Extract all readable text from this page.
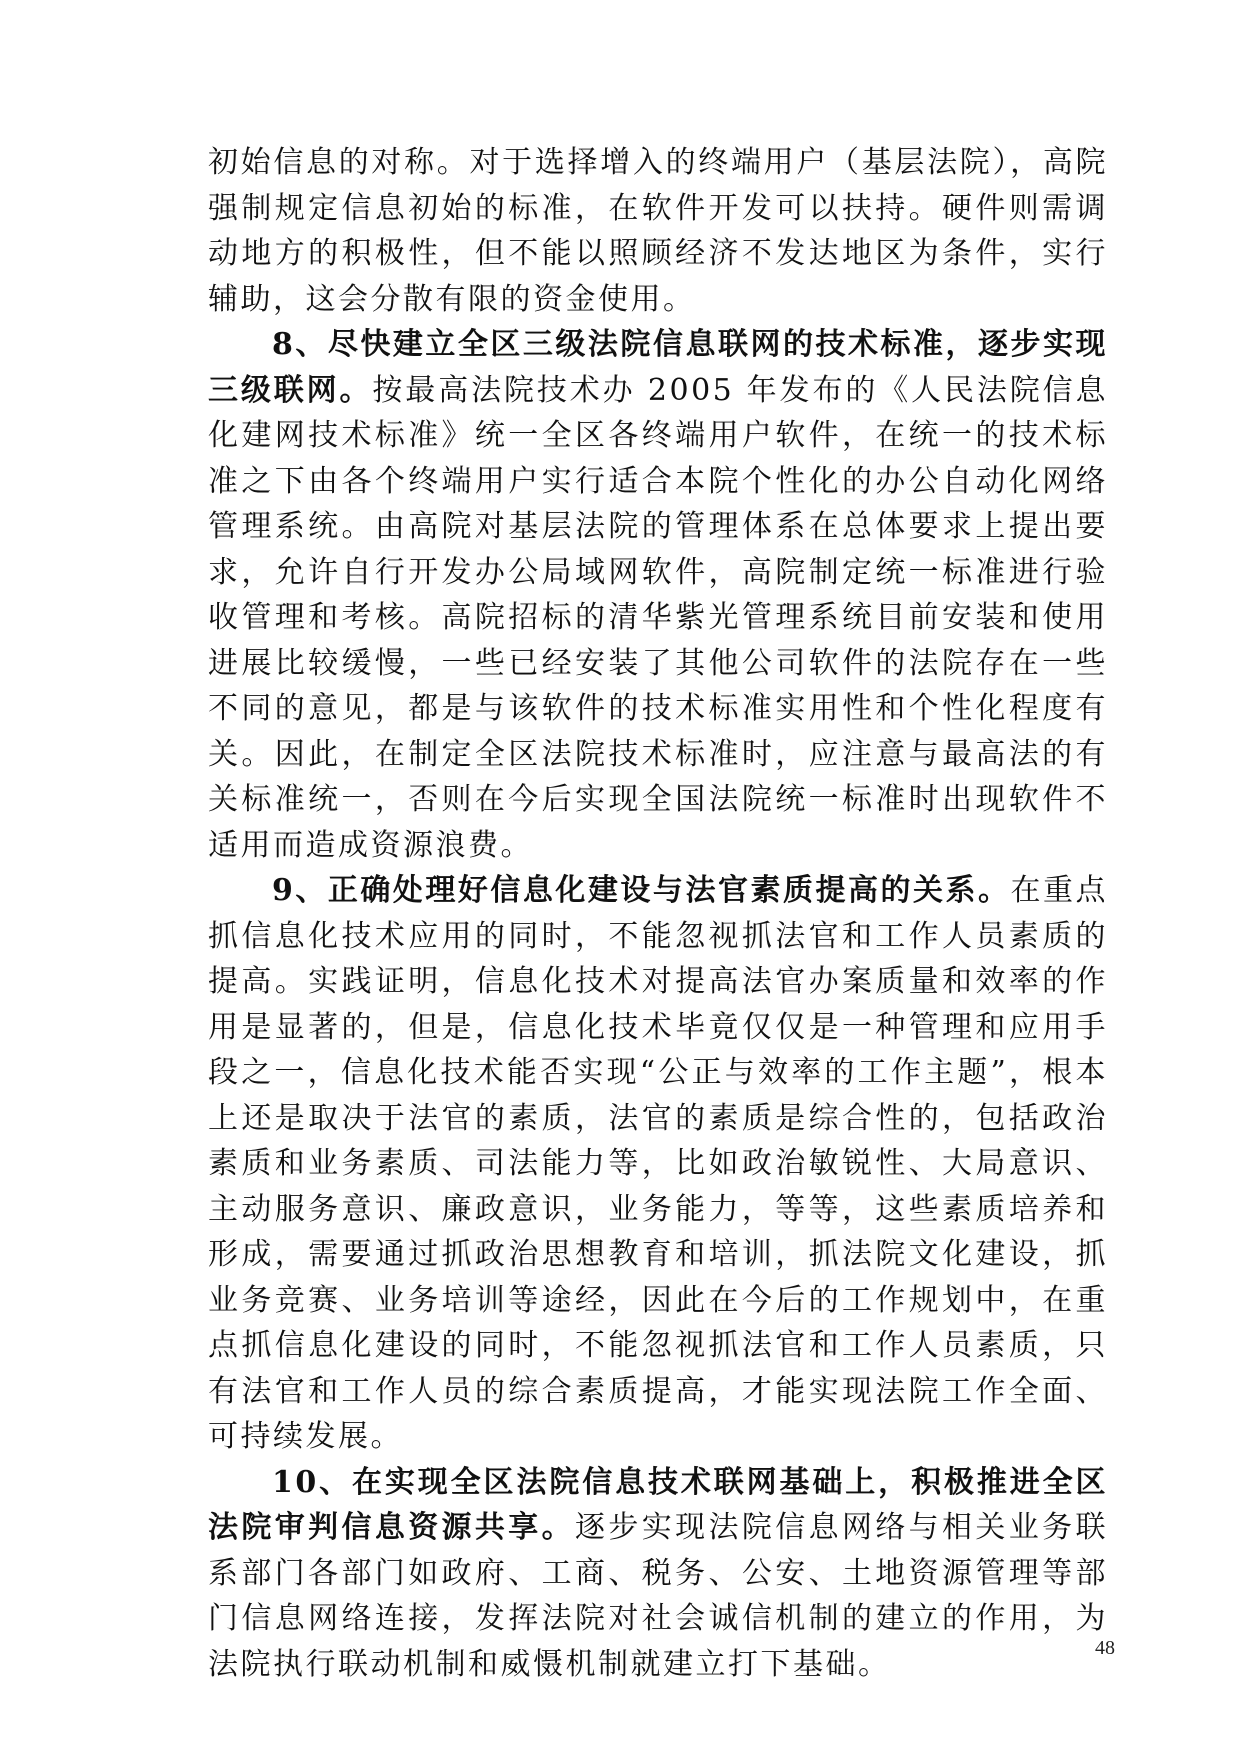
初始信息的对称。对于选择增入的终端用户（基层法院），高院强制规定信息初始的标准，在软件开发可以扶持。硬件则需调动地方的积极性，但不能以照顾经济不发达地区为条件，实行辅助，这会分散有限的资金使用。

8、尽快建立全区三级法院信息联网的技术标准，逐步实现三级联网。按最高法院技术办 2005 年发布的《人民法院信息化建网技术标准》统一全区各终端用户软件，在统一的技术标准之下由各个终端用户实行适合本院个性化的办公自动化网络管理系统。由高院对基层法院的管理体系在总体要求上提出要求，允许自行开发办公局域网软件，高院制定统一标准进行验收管理和考核。高院招标的清华紫光管理系统目前安装和使用进展比较缓慢，一些已经安装了其他公司软件的法院存在一些不同的意见，都是与该软件的技术标准实用性和个性化程度有关。因此，在制定全区法院技术标准时，应注意与最高法的有关标准统一，否则在今后实现全国法院统一标准时出现软件不适用而造成资源浪费。

9、正确处理好信息化建设与法官素质提高的关系。在重点抓信息化技术应用的同时，不能忽视抓法官和工作人员素质的提高。实践证明，信息化技术对提高法官办案质量和效率的作用是显著的，但是，信息化技术毕竟仅仅是一种管理和应用手段之一，信息化技术能否实现“公正与效率的工作主题”，根本上还是取决于法官的素质，法官的素质是综合性的，包括政治素质和业务素质、司法能力等，比如政治敏锐性、大局意识、主动服务意识、廉政意识，业务能力，等等，这些素质培养和形成，需要通过抓政治思想教育和培训，抓法院文化建设，抓业务竞赛、业务培训等途经，因此在今后的工作规划中，在重点抓信息化建设的同时，不能忽视抓法官和工作人员素质，只有法官和工作人员的综合素质提高，才能实现法院工作全面、可持续发展。

10、在实现全区法院信息技术联网基础上，积极推进全区法院审判信息资源共享。逐步实现法院信息网络与相关业务联系部门各部门如政府、工商、税务、公安、土地资源管理等部门信息网络连接，发挥法院对社会诚信机制的建立的作用，为法院执行联动机制和威慑机制就建立打下基础。	48
